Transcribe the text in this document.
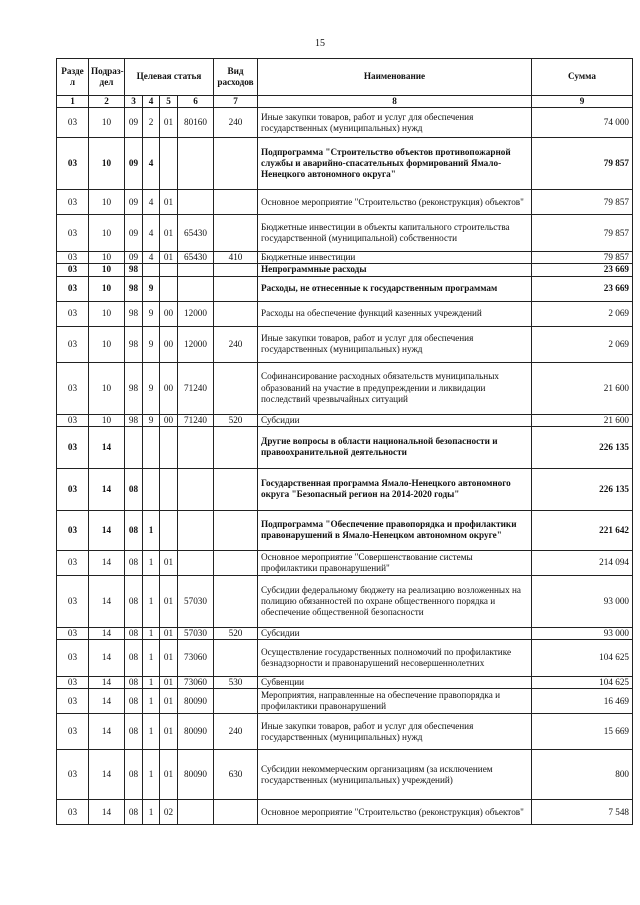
15
Разде л	Подраз- дел	Целевая статья				Вид расходов	Наименование	Сумма
1	2	3	4	5	6	7	8	9
03	10	09	2	01	80160	240	Иные закупки товаров, работ и услуг для обеспечения государственных (муниципальных) нужд	74 000
03	10	09	4				Подпрограмма "Строительство объектов противопожарной службы и аварийно-спасательных формирований Ямало-Ненецкого автономного округа"	79 857
03	10	09	4	01			Основное мероприятие "Строительство (реконструкция) объектов"	79 857
03	10	09	4	01	65430		Бюджетные инвестиции в объекты капитального строительства государственной (муниципальной) собственности	79 857
03	10	09	4	01	65430	410	Бюджетные инвестиции	79 857
03	10	98					Непрограммные расходы	23 669
03	10	98	9				Расходы, не отнесенные к государственным программам	23 669
03	10	98	9	00	12000		Расходы на обеспечение функций казенных учреждений	2 069
03	10	98	9	00	12000	240	Иные закупки товаров, работ и услуг для обеспечения государственных (муниципальных) нужд	2 069
03	10	98	9	00	71240		Софинансирование расходных обязательств муниципальных образований на участие в предупреждении и ликвидации последствий чрезвычайных ситуаций	21 600
03	10	98	9	00	71240	520	Субсидии	21 600
03	14						Другие вопросы в области национальной безопасности и правоохранительной деятельности	226 135
03	14	08					Государственная программа Ямало-Ненецкого автономного округа "Безопасный регион на 2014-2020 годы"	226 135
03	14	08	1				Подпрограмма "Обеспечение правопорядка и профилактики правонарушений в Ямало-Ненецком автономном округе"	221 642
03	14	08	1	01			Основное мероприятие "Совершенствование системы профилактики правонарушений"	214 094
03	14	08	1	01	57030		Субсидии федеральному бюджету на реализацию возложенных на полицию обязанностей по охране общественного порядка и обеспечение общественной безопасности	93 000
03	14	08	1	01	57030	520	Субсидии	93 000
03	14	08	1	01	73060		Осуществление государственных полномочий по профилактике безнадзорности и правонарушений несовершеннолетних	104 625
03	14	08	1	01	73060	530	Субвенции	104 625
03	14	08	1	01	80090		Мероприятия, направленные на обеспечение правопорядка и профилактики правонарушений	16 469
03	14	08	1	01	80090	240	Иные закупки товаров, работ и услуг для обеспечения государственных (муниципальных) нужд	15 669
03	14	08	1	01	80090	630	Субсидии некоммерческим организациям (за исключением государственных (муниципальных) учреждений)	800
03	14	08	1	02			Основное мероприятие "Строительство (реконструкция) объектов"	7 548
